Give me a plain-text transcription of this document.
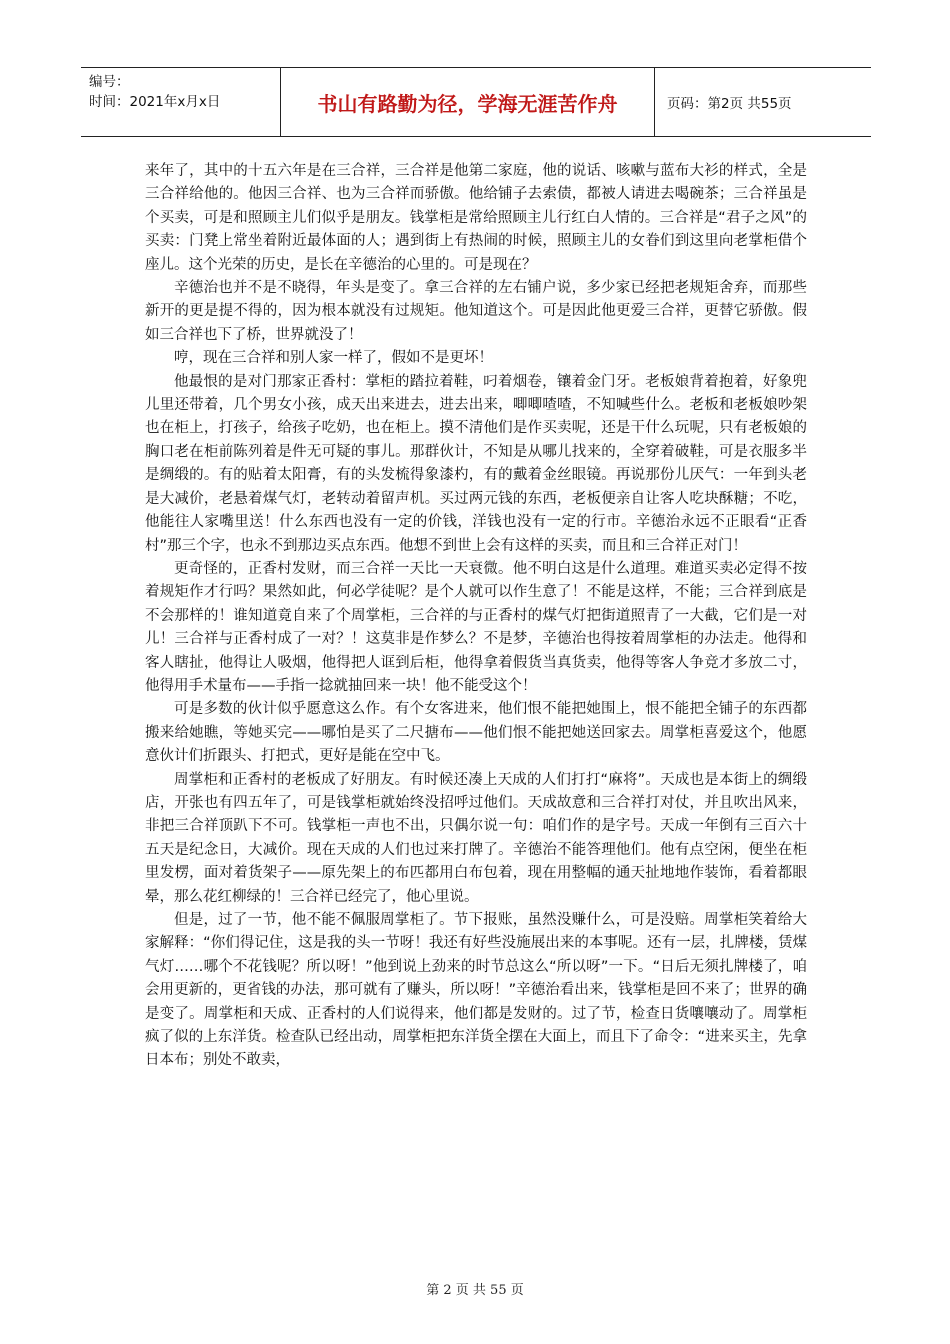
编号：
时间：2021年x月x日	书山有路勤为径，学海无涯苦作舟	页码：第2页 共55页

来年了，其中的十五六年是在三合祥，三合祥是他第二家庭，他的说话、咳嗽与蓝布大衫的样式，全是三合祥给他的。他因三合祥、也为三合祥而骄傲。他给铺子去索债，都被人请进去喝碗茶；三合祥虽是个买卖，可是和照顾主儿们似乎是朋友。钱掌柜是常给照顾主儿行红白人情的。三合祥是“君子之风”的买卖：门凳上常坐着附近最体面的人；遇到街上有热闹的时候，照顾主儿的女眷们到这里向老掌柜借个座儿。这个光荣的历史，是长在辛德治的心里的。可是现在？

辛德治也并不是不晓得，年头是变了。拿三合祥的左右铺户说，多少家已经把老规矩舍弃，而那些新开的更是提不得的，因为根本就没有过规矩。他知道这个。可是因此他更爱三合祥，更替它骄傲。假如三合祥也下了桥，世界就没了！

哼，现在三合祥和别人家一样了，假如不是更坏！

他最恨的是对门那家正香村：掌柜的踏拉着鞋，叼着烟卷，镶着金门牙。老板娘背着抱着，好象兜儿里还带着，几个男女小孩，成天出来进去，进去出来，唧唧喳喳，不知喊些什么。老板和老板娘吵架也在柜上，打孩子，给孩子吃奶，也在柜上。摸不清他们是作买卖呢，还是干什么玩呢，只有老板娘的胸口老在柜前陈列着是件无可疑的事儿。那群伙计，不知是从哪儿找来的，全穿着破鞋，可是衣服多半是绸缎的。有的贴着太阳膏，有的头发梳得象漆杓，有的戴着金丝眼镜。再说那份儿厌气：一年到头老是大减价，老悬着煤气灯，老转动着留声机。买过两元钱的东西，老板便亲自让客人吃块酥糖；不吃，他能往人家嘴里送！什么东西也没有一定的价钱，洋钱也没有一定的行市。辛德治永远不正眼看“正香村”那三个字，也永不到那边买点东西。他想不到世上会有这样的买卖，而且和三合祥正对门！

更奇怪的，正香村发财，而三合祥一天比一天衰微。他不明白这是什么道理。难道买卖必定得不按着规矩作才行吗？果然如此，何必学徒呢？是个人就可以作生意了！不能是这样，不能；三合祥到底是不会那样的！谁知道竟自来了个周掌柜，三合祥的与正香村的煤气灯把街道照青了一大截，它们是一对儿！三合祥与正香村成了一对？！这莫非是作梦么？不是梦，辛德治也得按着周掌柜的办法走。他得和客人瞎扯，他得让人吸烟，他得把人诓到后柜，他得拿着假货当真货卖，他得等客人争竞才多放二寸，他得用手术量布——手指一捻就抽回来一块！他不能受这个！

可是多数的伙计似乎愿意这么作。有个女客进来，他们恨不能把她围上，恨不能把全铺子的东西都搬来给她瞧，等她买完——哪怕是买了二尺搪布——他们恨不能把她送回家去。周掌柜喜爱这个，他愿意伙计们折跟头、打把式，更好是能在空中飞。

周掌柜和正香村的老板成了好朋友。有时候还凑上天成的人们打打“麻将”。天成也是本街上的绸缎店，开张也有四五年了，可是钱掌柜就始终没招呼过他们。天成故意和三合祥打对仗，并且吹出风来，非把三合祥顶趴下不可。钱掌柜一声也不出，只偶尔说一句：咱们作的是字号。天成一年倒有三百六十五天是纪念日，大减价。现在天成的人们也过来打牌了。辛德治不能答理他们。他有点空闲，便坐在柜里发楞，面对着货架子——原先架上的布匹都用白布包着，现在用整幅的通天扯地地作装饰，看着都眼晕，那么花红柳绿的！三合祥已经完了，他心里说。

但是，过了一节，他不能不佩服周掌柜了。节下报账，虽然没赚什么，可是没赔。周掌柜笑着给大家解释：“你们得记住，这是我的头一节呀！我还有好些没施展出来的本事呢。还有一层，扎牌楼，赁煤气灯……哪个不花钱呢？所以呀！”他到说上劲来的时节总这么“所以呀”一下。“日后无须扎牌楼了，咱会用更新的，更省钱的办法，那可就有了赚头，所以呀！”辛德治看出来，钱掌柜是回不来了；世界的确是变了。周掌柜和天成、正香村的人们说得来，他们都是发财的。过了节，检查日货嚷嚷动了。周掌柜疯了似的上东洋货。检查队已经出动，周掌柜把东洋货全摆在大面上，而且下了命令：“进来买主，先拿日本布；别处不敢卖，

第 2 页 共 55 页
